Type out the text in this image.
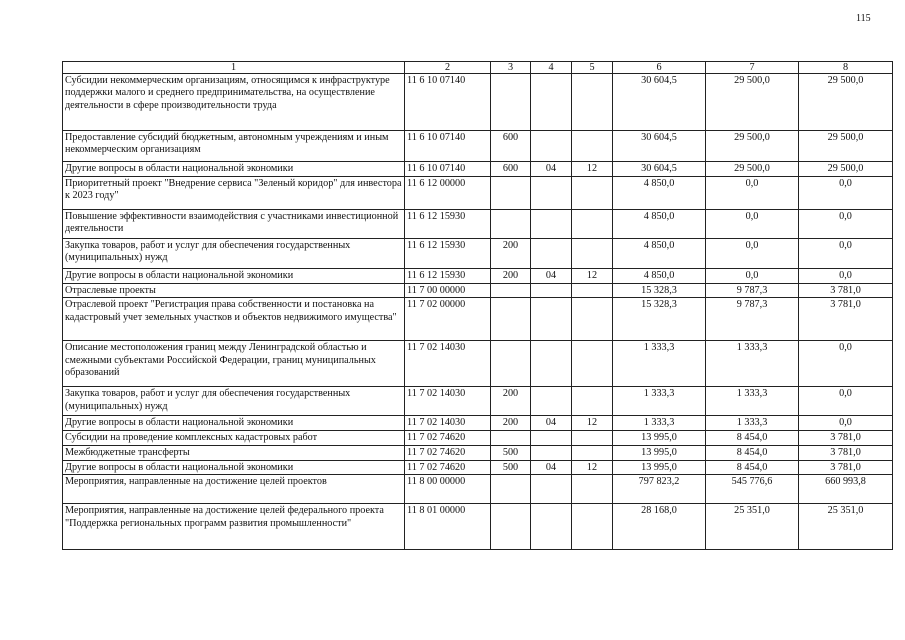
115
1	2	3	4	5	6	7	8
Субсидии некоммерческим организациям, относящимся к инфраструктуре поддержки малого и среднего предпринимательства, на осуществление деятельности в сфере производительности труда	11 6 10 07140				30 604,5	29 500,0	29 500,0
Предоставление субсидий бюджетным, автономным учреждениям и иным некоммерческим организациям	11 6 10 07140	600			30 604,5	29 500,0	29 500,0
Другие вопросы в области национальной экономики	11 6 10 07140	600	04	12	30 604,5	29 500,0	29 500,0
Приоритетный проект "Внедрение сервиса "Зеленый коридор" для инвестора к 2023 году"	11 6 12 00000				4 850,0	0,0	0,0
Повышение эффективности взаимодействия с участниками инвестиционной деятельности	11 6 12 15930				4 850,0	0,0	0,0
Закупка товаров, работ и услуг для обеспечения государственных (муниципальных) нужд	11 6 12 15930	200			4 850,0	0,0	0,0
Другие вопросы в области национальной экономики	11 6 12 15930	200	04	12	4 850,0	0,0	0,0
Отраслевые проекты	11 7 00 00000				15 328,3	9 787,3	3 781,0
Отраслевой проект "Регистрация права собственности и постановка на кадастровый учет земельных участков и объектов недвижимого имущества"	11 7 02 00000				15 328,3	9 787,3	3 781,0
Описание местоположения границ между Ленинградской областью и смежными субъектами Российской Федерации, границ муниципальных образований	11 7 02 14030				1 333,3	1 333,3	0,0
Закупка товаров, работ и услуг для обеспечения государственных (муниципальных) нужд	11 7 02 14030	200			1 333,3	1 333,3	0,0
Другие вопросы в области национальной экономики	11 7 02 14030	200	04	12	1 333,3	1 333,3	0,0
Субсидии на проведение комплексных кадастровых работ	11 7 02 74620				13 995,0	8 454,0	3 781,0
Межбюджетные трансферты	11 7 02 74620	500			13 995,0	8 454,0	3 781,0
Другие вопросы в области национальной экономики	11 7 02 74620	500	04	12	13 995,0	8 454,0	3 781,0
Мероприятия, направленные на достижение целей проектов	11 8 00 00000				797 823,2	545 776,6	660 993,8
Мероприятия, направленные на достижение целей федерального проекта "Поддержка региональных программ развития промышленности"	11 8 01 00000				28 168,0	25 351,0	25 351,0
